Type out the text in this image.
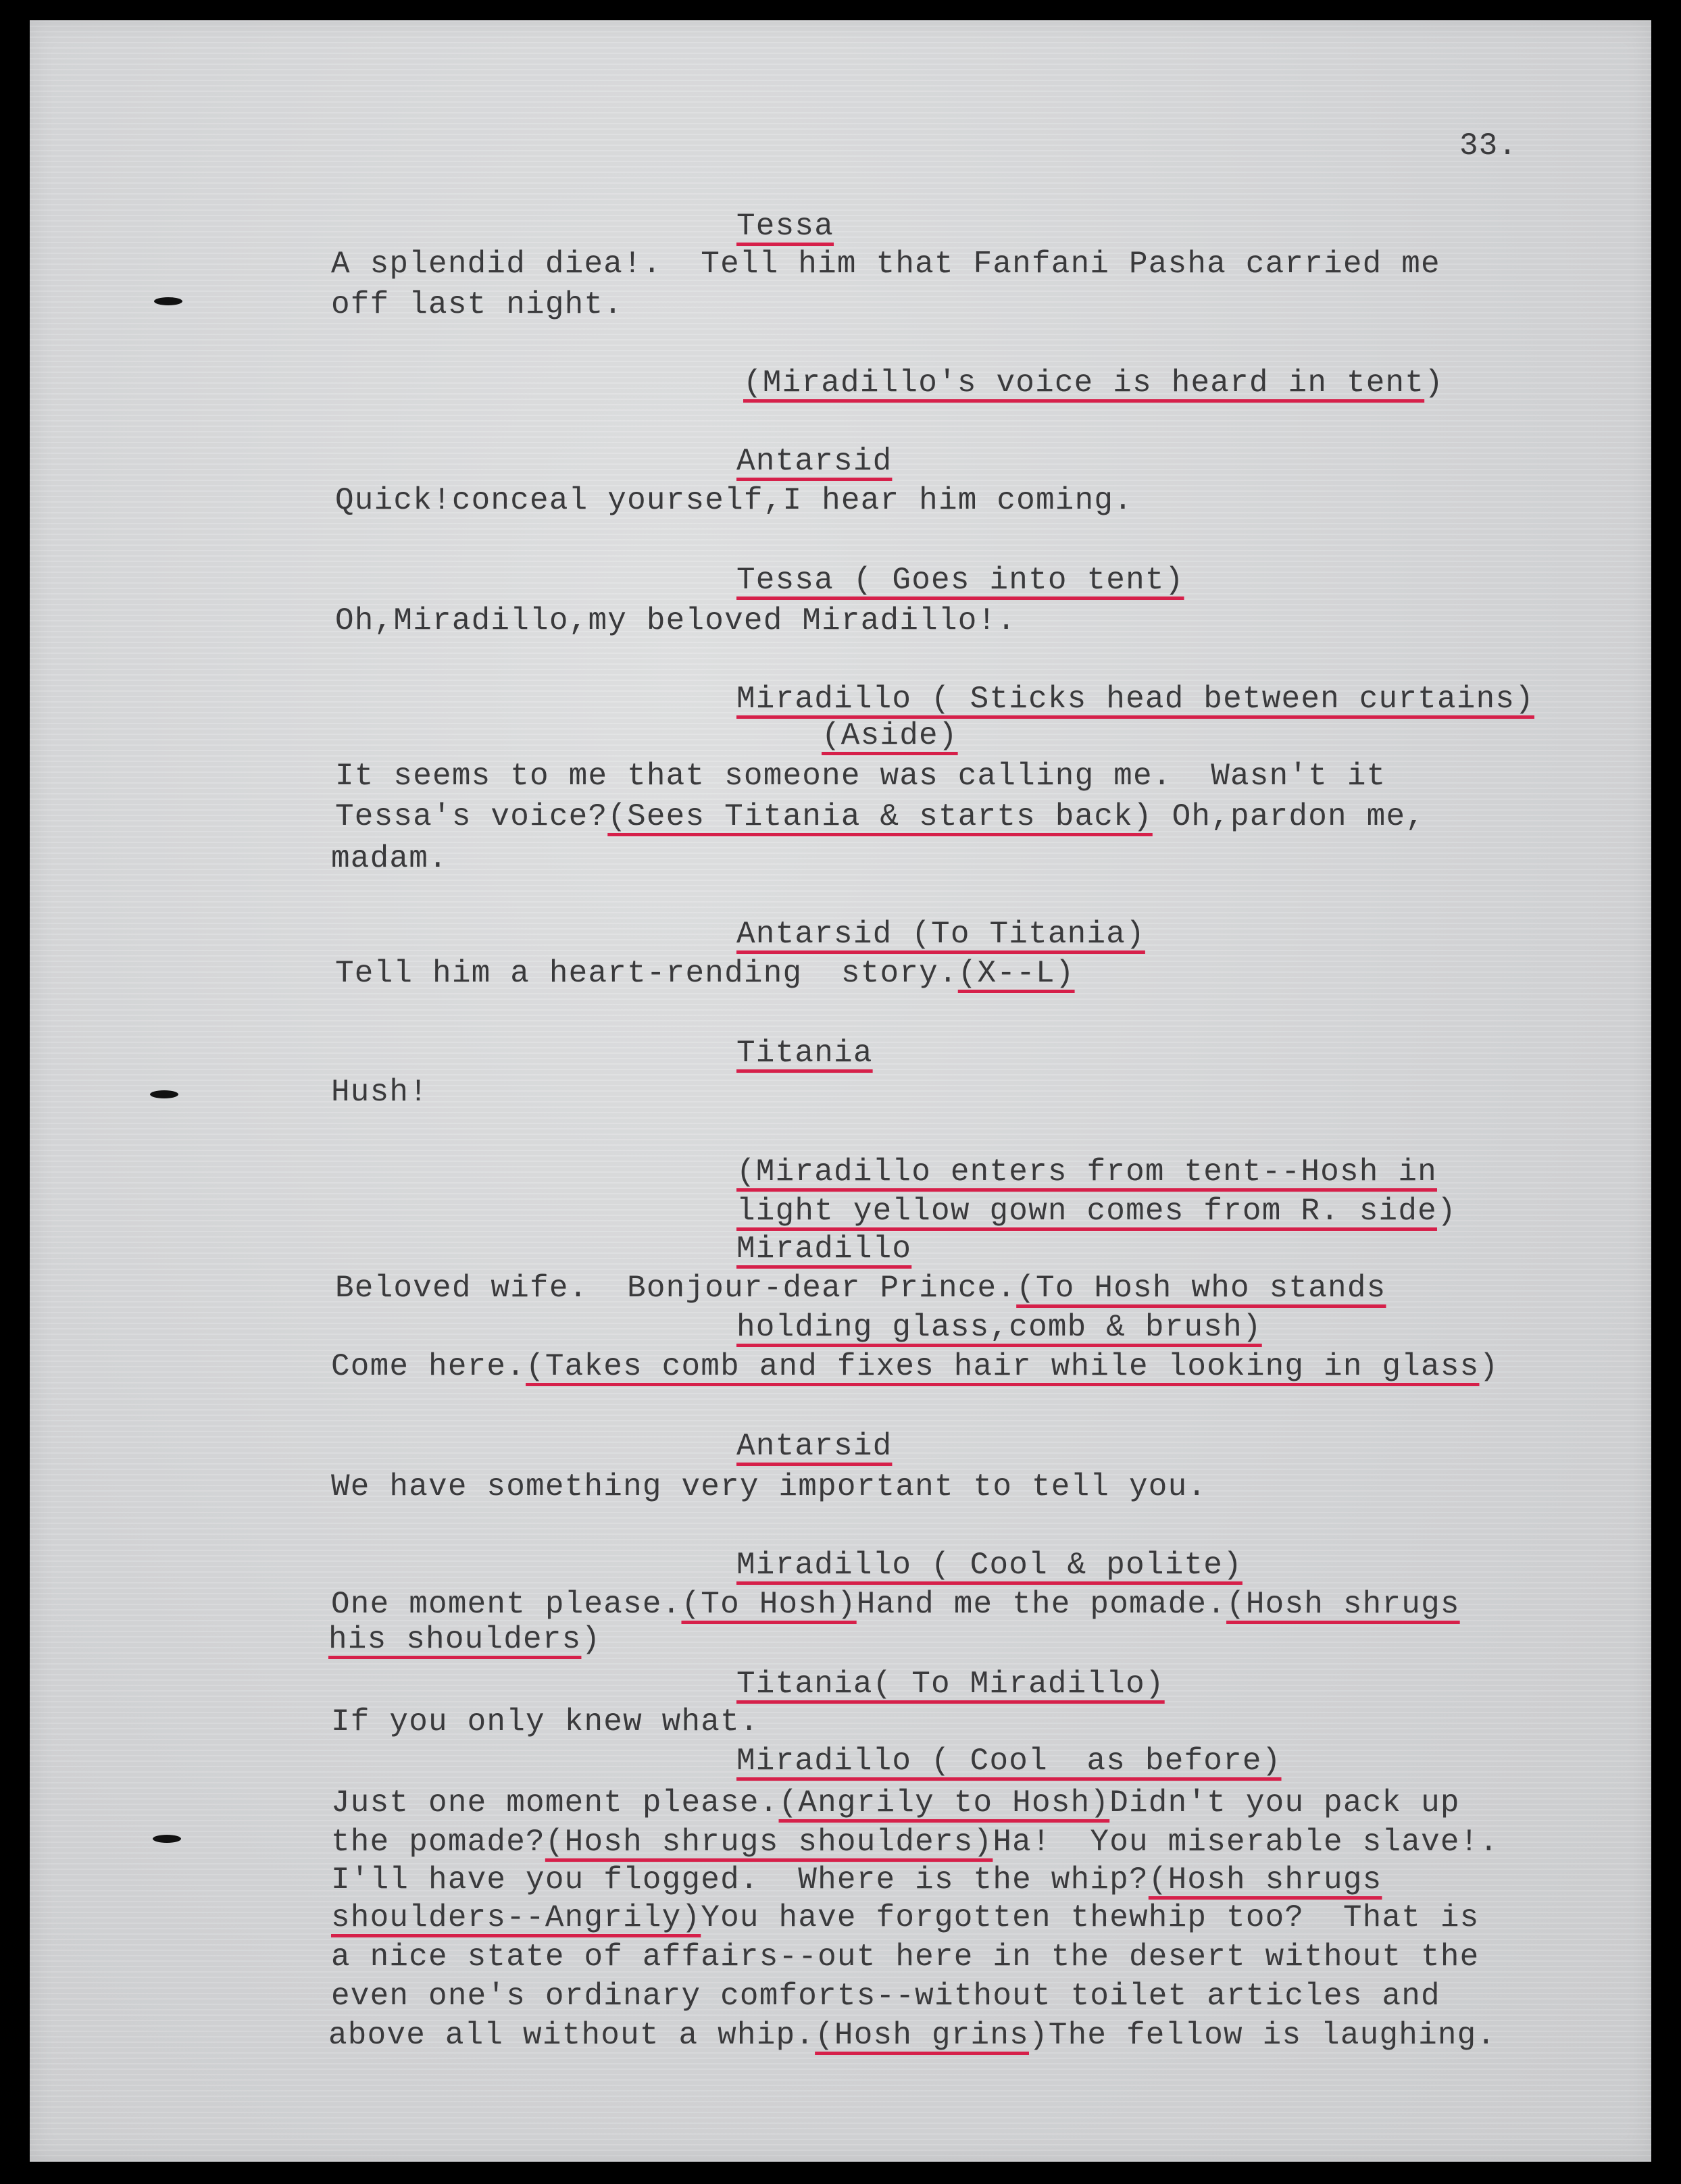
33.
Tessa
A splendid diea!.  Tell him that Fanfani Pasha carried me
off last night.
(Miradillo's voice is heard in tent)
Antarsid
Quick!conceal yourself,I hear him coming.
Tessa ( Goes into tent)
Oh,Miradillo,my beloved Miradillo!.
Miradillo ( Sticks head between curtains)
(Aside)
It seems to me that someone was calling me.  Wasn't it
Tessa's voice?(Sees Titania & starts back) Oh,pardon me,
madam.
Antarsid (To Titania)
Tell him a heart-rending  story.(X--L)
Titania
Hush!
(Miradillo enters from tent--Hosh in
light yellow gown comes from R. side)
Miradillo
Beloved wife.  Bonjour-dear Prince.(To Hosh who stands
holding glass,comb & brush)
Come here.(Takes comb and fixes hair while looking in glass)
Antarsid
We have something very important to tell you.
Miradillo ( Cool & polite)
One moment please.(To Hosh)Hand me the pomade.(Hosh shrugs
his shoulders)
Titania( To Miradillo)
If you only knew what.
Miradillo ( Cool  as before)
Just one moment please.(Angrily to Hosh)Didn't you pack up
the pomade?(Hosh shrugs shoulders)Ha!  You miserable slave!.
I'll have you flogged.  Where is the whip?(Hosh shrugs
shoulders--Angrily)You have forgotten thewhip too?  That is
a nice state of affairs--out here in the desert without the
even one's ordinary comforts--without toilet articles and
above all without a whip.(Hosh grins)The fellow is laughing.
